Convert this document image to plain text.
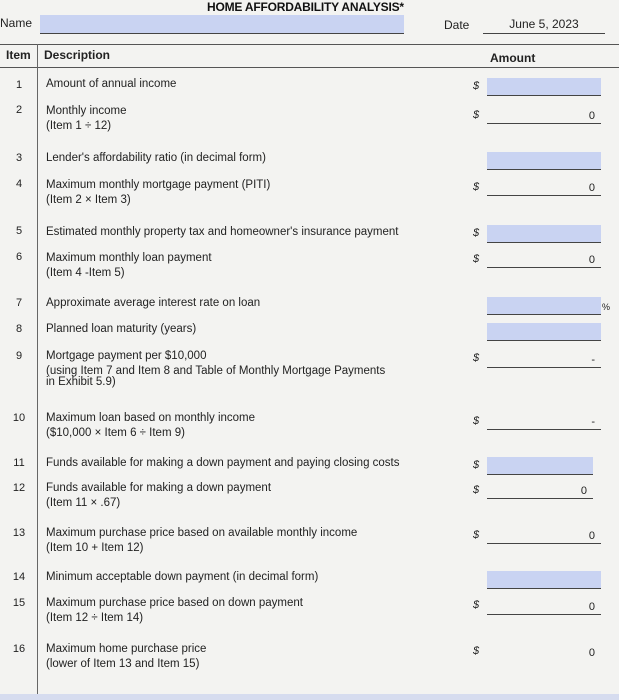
HOME AFFORDABILITY ANALYSIS*
Name	Date	June 5, 2023
Item Description	Amount
1	Amount of annual income	$
2	Monthly income
(Item 1 ÷ 12)
$	0
3	Lender's affordability ratio (in decimal form)
4	Maximum monthly mortgage payment (PITI)
(Item 2 × Item 3)
$	0
5	Estimated monthly property tax and homeowner's insurance payment	$
6	Maximum monthly loan payment
(Item 4 -Item 5)
$	0
7	Approximate average interest rate on loan	%
8	Planned loan maturity (years)
9	Mortgage payment per $10,000
(using Item 7 and Item 8 and Table of Monthly Mortgage Payments
in Exhibit 5.9)
$	-
10	Maximum loan based on monthly income
($10,000 × Item 6 ÷ Item 9)
$	-
11	Funds available for making a down payment and paying closing costs	$
12	Funds available for making a down payment
(Item 11 × .67)
$	0
13	Maximum purchase price based on available monthly income
(Item 10 + Item 12)
$	0
14	Minimum acceptable down payment (in decimal form)
15	Maximum purchase price based on down payment
(Item 12 ÷ Item 14)
$	0
16	Maximum home purchase price
(lower of Item 13 and Item 15)
$	0
